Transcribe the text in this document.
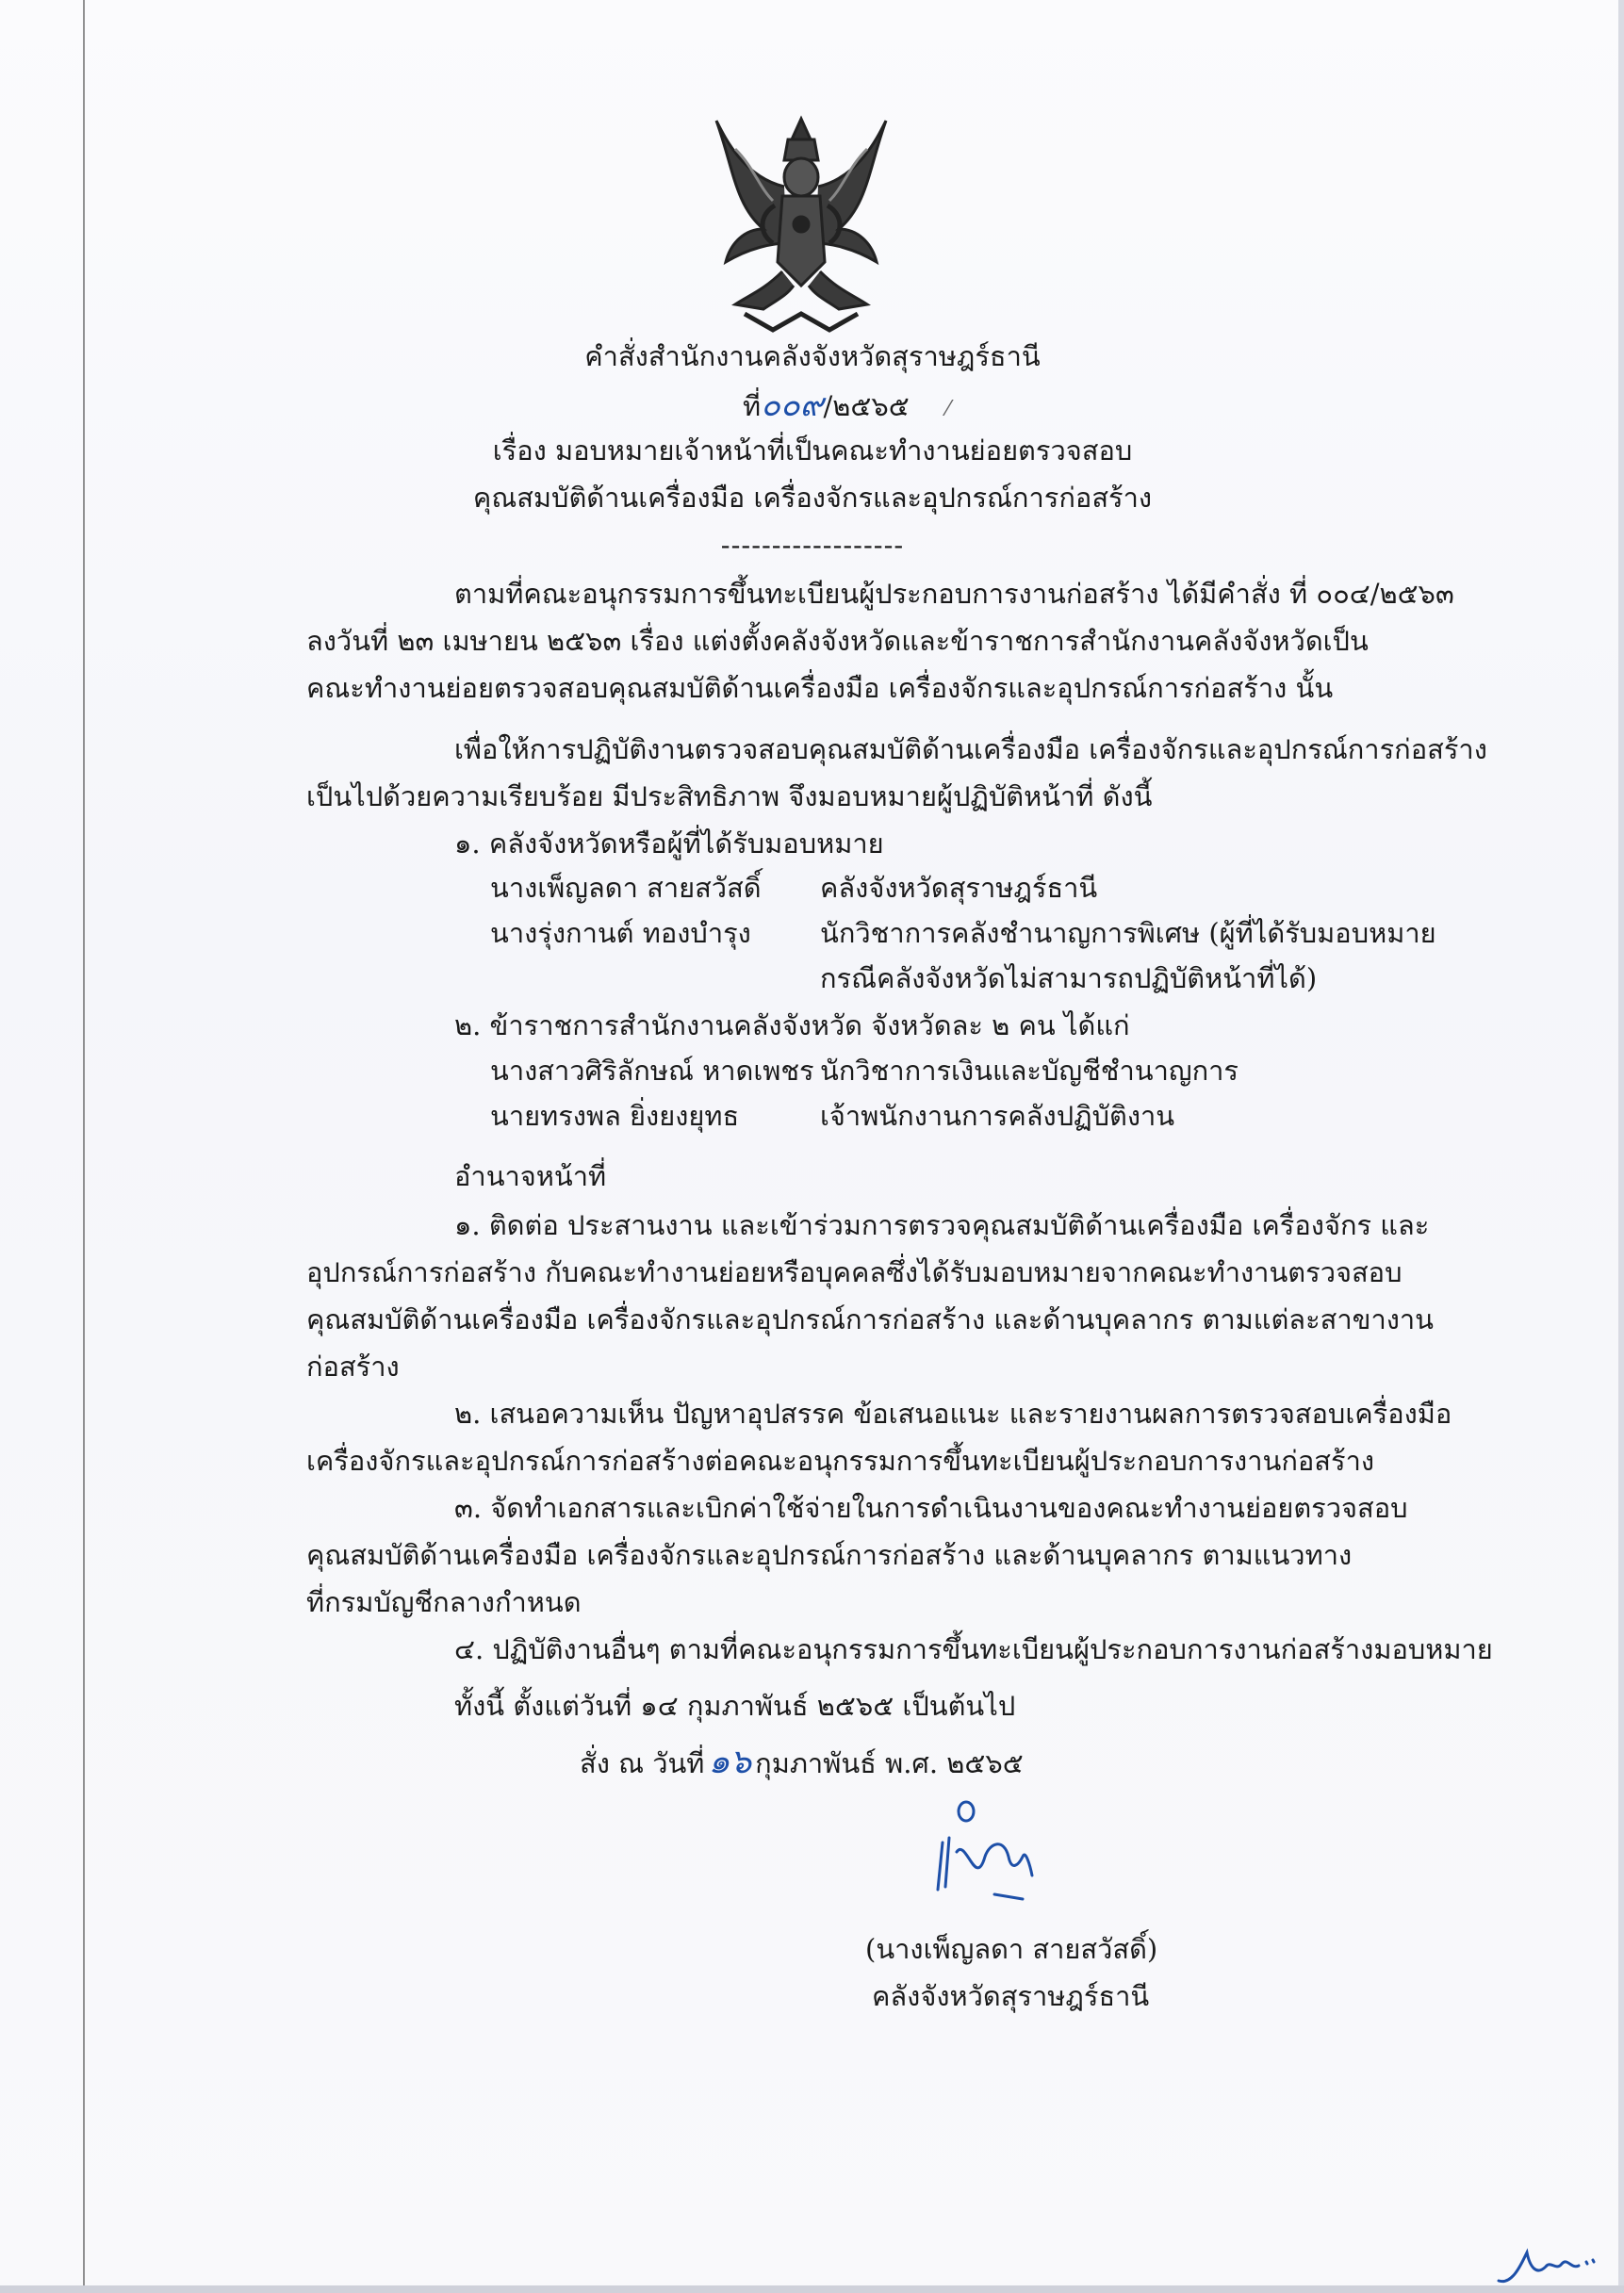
คำสั่งสำนักงานคลังจังหวัดสุราษฎร์ธานี
ที่๐๐๙/๒๕๖๕ ⁄
เรื่อง มอบหมายเจ้าหน้าที่เป็นคณะทำงานย่อยตรวจสอบ
คุณสมบัติด้านเครื่องมือ เครื่องจักรและอุปกรณ์การก่อสร้าง
------------------
ตามที่คณะอนุกรรมการขึ้นทะเบียนผู้ประกอบการงานก่อสร้าง ได้มีคำสั่ง ที่ ๐๐๔/๒๕๖๓
ลงวันที่ ๒๓ เมษายน ๒๕๖๓ เรื่อง แต่งตั้งคลังจังหวัดและข้าราชการสำนักงานคลังจังหวัดเป็น
คณะทำงานย่อยตรวจสอบคุณสมบัติด้านเครื่องมือ เครื่องจักรและอุปกรณ์การก่อสร้าง นั้น
เพื่อให้การปฏิบัติงานตรวจสอบคุณสมบัติด้านเครื่องมือ เครื่องจักรและอุปกรณ์การก่อสร้าง
เป็นไปด้วยความเรียบร้อย มีประสิทธิภาพ จึงมอบหมายผู้ปฏิบัติหน้าที่ ดังนี้
๑. คลังจังหวัดหรือผู้ที่ได้รับมอบหมาย
นางเพ็ญลดา สายสวัสดิ์ คลังจังหวัดสุราษฎร์ธานี
นางรุ่งกานต์ ทองบำรุง	นักวิชาการคลังชำนาญการพิเศษ (ผู้ที่ได้รับมอบหมาย
กรณีคลังจังหวัดไม่สามารถปฏิบัติหน้าที่ได้)
๒. ข้าราชการสำนักงานคลังจังหวัด จังหวัดละ ๒ คน ได้แก่
นางสาวศิริลักษณ์ หาดเพชร นักวิชาการเงินและบัญชีชำนาญการ
นายทรงพล ยิ่งยงยุทธ	เจ้าพนักงานการคลังปฏิบัติงาน
อำนาจหน้าที่
๑. ติดต่อ ประสานงาน และเข้าร่วมการตรวจคุณสมบัติด้านเครื่องมือ เครื่องจักร และ
อุปกรณ์การก่อสร้าง กับคณะทำงานย่อยหรือบุคคลซึ่งได้รับมอบหมายจากคณะทำงานตรวจสอบ
คุณสมบัติด้านเครื่องมือ เครื่องจักรและอุปกรณ์การก่อสร้าง และด้านบุคลากร ตามแต่ละสาขางาน
ก่อสร้าง
๒. เสนอความเห็น ปัญหาอุปสรรค ข้อเสนอแนะ และรายงานผลการตรวจสอบเครื่องมือ
เครื่องจักรและอุปกรณ์การก่อสร้างต่อคณะอนุกรรมการขึ้นทะเบียนผู้ประกอบการงานก่อสร้าง
๓. จัดทำเอกสารและเบิกค่าใช้จ่ายในการดำเนินงานของคณะทำงานย่อยตรวจสอบ
คุณสมบัติด้านเครื่องมือ เครื่องจักรและอุปกรณ์การก่อสร้าง และด้านบุคลากร ตามแนวทาง
ที่กรมบัญชีกลางกำหนด
๔. ปฏิบัติงานอื่นๆ ตามที่คณะอนุกรรมการขึ้นทะเบียนผู้ประกอบการงานก่อสร้างมอบหมาย
ทั้งนี้ ตั้งแต่วันที่ ๑๔ กุมภาพันธ์ ๒๕๖๕ เป็นต้นไป
สั่ง ณ วันที่ ๑๖ กุมภาพันธ์ พ.ศ. ๒๕๖๕
(นางเพ็ญลดา สายสวัสดิ์)
คลังจังหวัดสุราษฎร์ธานี
